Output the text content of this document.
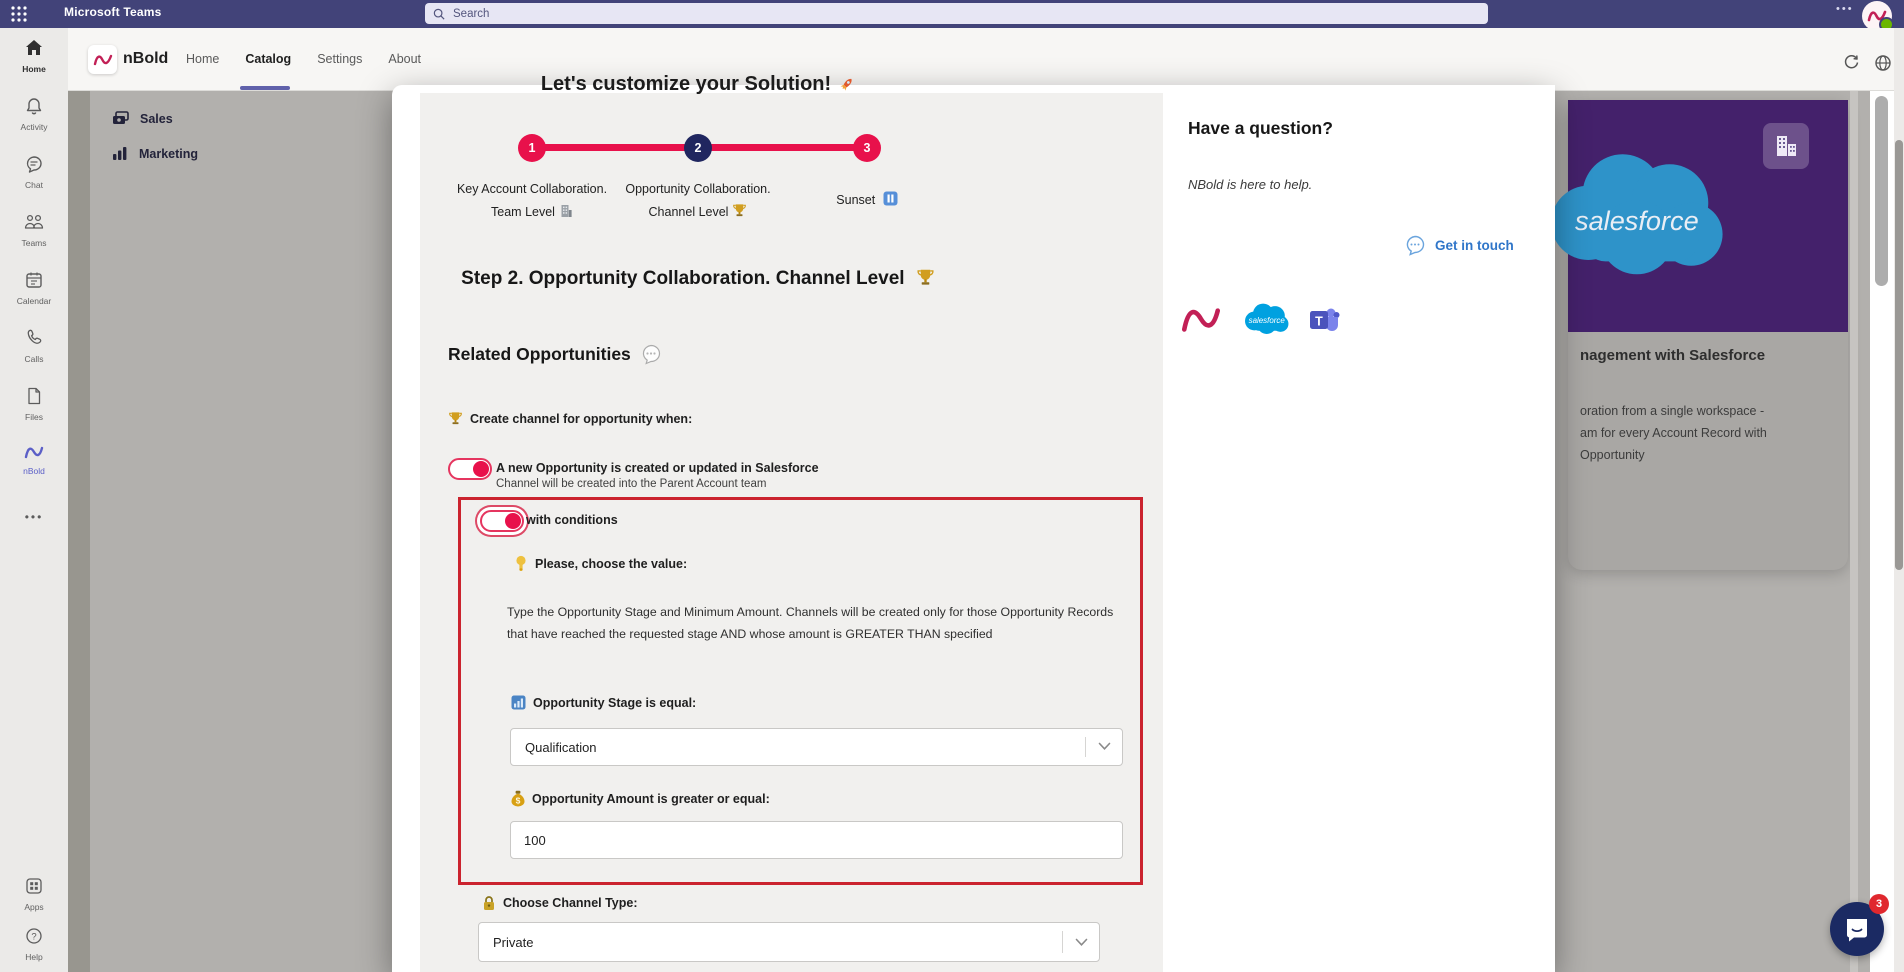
Microsoft Teams
Search	•••
Home
Activity
Chat
Teams
Calendar
Calls
Files
nBold
•••
Apps
?
Help
nBold Home Catalog Settings About
Sales
Marketing
salesforce
nagement with Salesforce
oration from a single workspace -
am for every Account Record with
Opportunity
Let's customize your Solution!
1	2	3
Key Account Collaboration.
Team Level
Opportunity Collaboration.
Channel Level
Sunset
Step 2. Opportunity Collaboration. Channel Level
Related Opportunities
Create channel for opportunity when:
A new Opportunity is created or updated in Salesforce
Channel will be created into the Parent Account team
with conditions
Please, choose the value:
Type the Opportunity Stage and Minimum Amount. Channels will be created only for those Opportunity Records that have reached the requested stage AND whose amount is GREATER THAN specified
Opportunity Stage is equal:
Qualification
$ Opportunity Amount is greater or equal:
100
Choose Channel Type:
Private
Have a question?
NBold is here to help.
Get in touch
salesforce T
3
